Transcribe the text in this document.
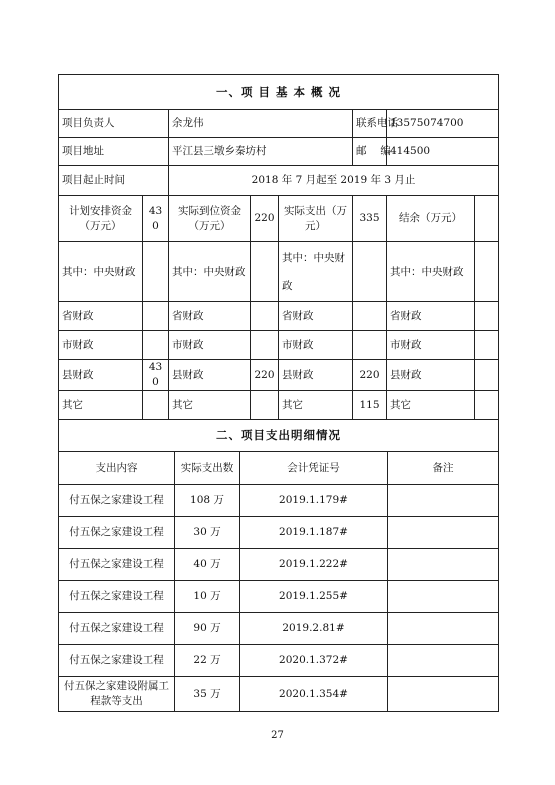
一、项 目 基 本 概 况							
项目负责人		余龙伟			联系电话	13575074700	
项目地址		平江县三墩乡秦坊村			邮　 编	414500	
项目起止时间		2018 年 7 月起至 2019 年 3 月止					
计划安排资金（万元）	430	实际到位资金（万元）	220	实际支出（万元）	335	结余（万元）	
其中：中央财政		其中：中央财政		其中：中央财政		其中：中央财政	
省财政		省财政		省财政		省财政	
市财政		市财政		市财政		市财政	
县财政	430	县财政	220	县财政	220	县财政	
其它		其它		其它	115	其它	
二、项目支出明细情况			
支出内容	实际支出数	会计凭证号	备注
付五保之家建设工程	108 万	2019.1.179#	
付五保之家建设工程	30 万	2019.1.187#	
付五保之家建设工程	40 万	2019.1.222#	
付五保之家建设工程	10 万	2019.1.255#	
付五保之家建设工程	90 万	2019.2.81#	
付五保之家建设工程	22 万	2020.1.372#	
付五保之家建设附属工程款等支出	35 万	2020.1.354#	
27
